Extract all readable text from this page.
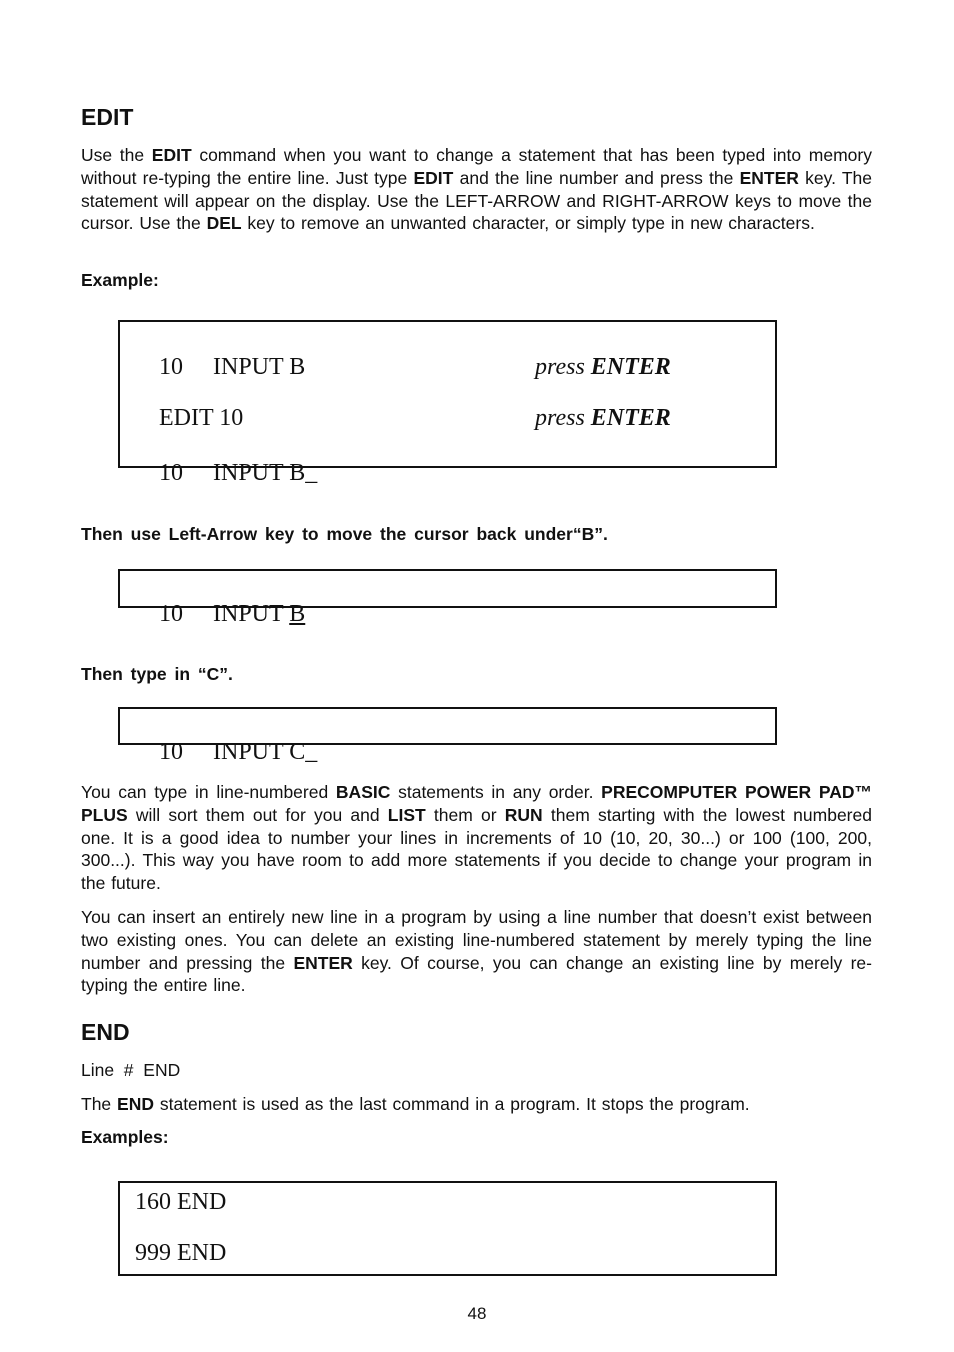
EDIT

Use the EDIT command when you want to change a statement that has been typed into memory without re-typing the entire line. Just type EDIT and the line number and press the ENTER key. The statement will appear on the display. Use the LEFT-ARROW and RIGHT-ARROW keys to move the cursor. Use the DEL key to remove an unwanted character, or simply type in new characters.

Example:

10 INPUT B
	press ENTER

EDIT 10
	press ENTER

10 INPUT B_

Then use Left-Arrow key to move the cursor back under“B”.

10 INPUT B

Then type in “C”.

10 INPUT C_

You can type in line-numbered BASIC statements in any order. PRECOMPUTER POWER PAD™ PLUS will sort them out for you and LIST them or RUN them starting with the lowest numbered one. It is a good idea to number your lines in increments of 10 (10, 20, 30...) or 100 (100, 200, 300...). This way you have room to add more statements if you decide to change your program in the future.

You can insert an entirely new line in a program by using a line number that doesn’t exist between two existing ones. You can delete an existing line-numbered statement by merely typing the line number and pressing the ENTER key. Of course, you can change an existing line by merely re-typing the entire line.

END
Line  #  END

The END statement is used as the last command in a program. It stops the program.

Examples:
160 END
999 END
48
